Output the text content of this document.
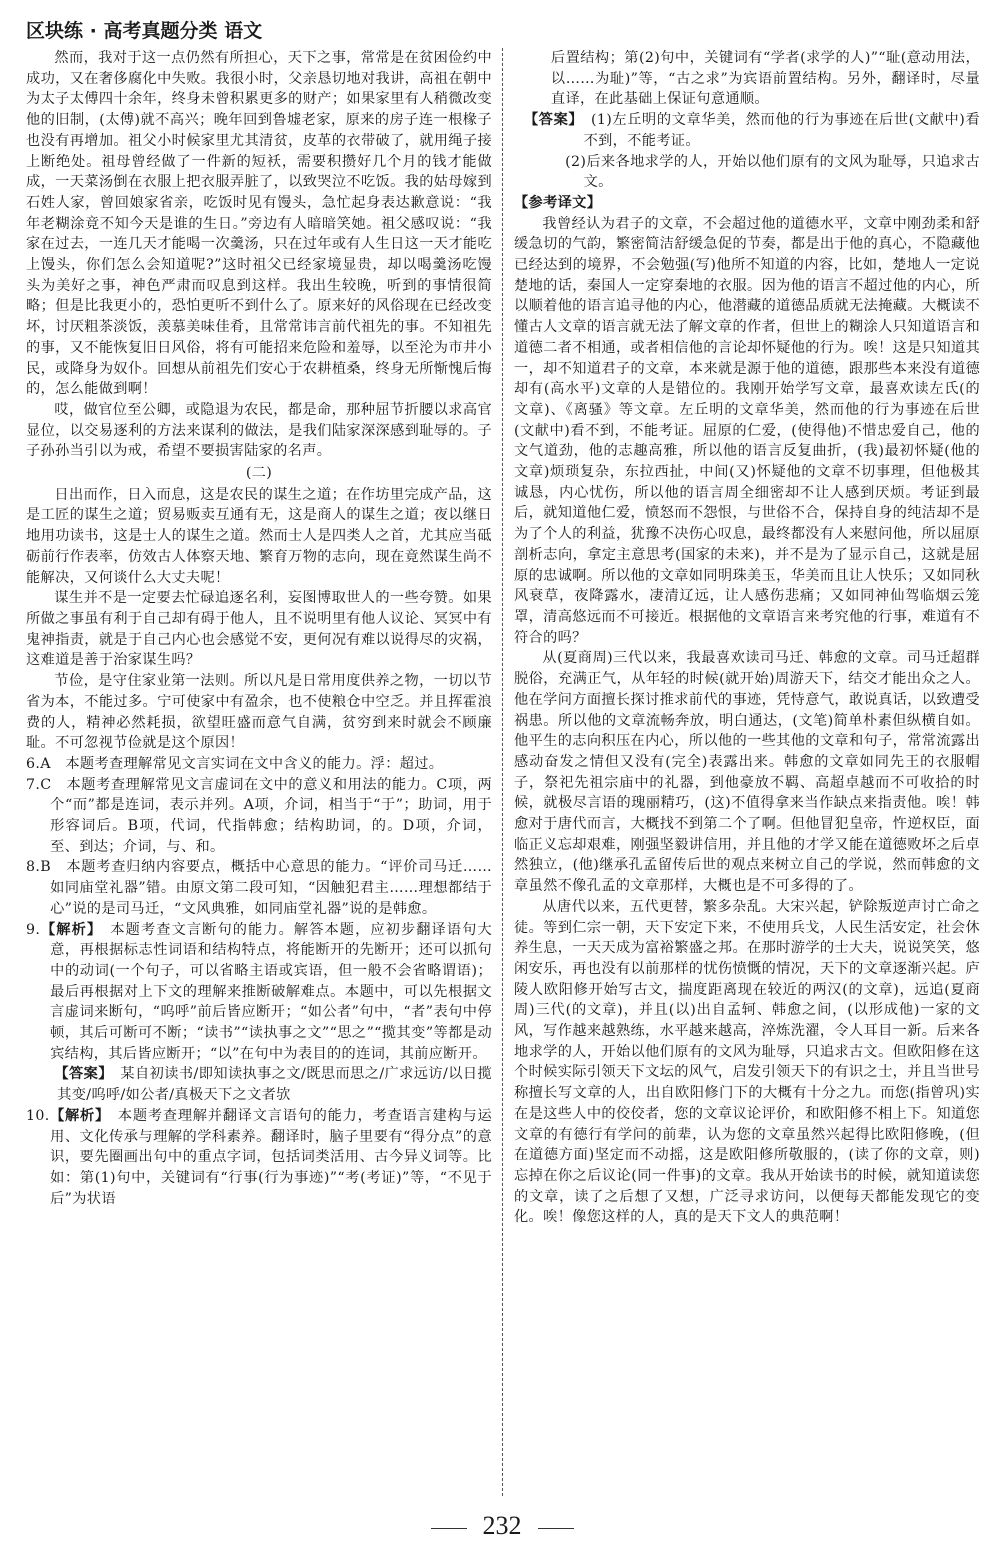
区块练 · 高考真题分类 语文

然而，我对于这一点仍然有所担心，天下之事，常常是在贫困俭约中成功，又在奢侈腐化中失败。我很小时，父亲恳切地对我讲，高祖在朝中为太子太傅四十余年，终身未曾积累更多的财产；如果家里有人稍微改变他的旧制，(太傅)就不高兴；晚年回到鲁墟老家，原来的房子连一根椽子也没有再增加。祖父小时候家里尤其清贫，皮革的衣带破了，就用绳子接上断绝处。祖母曾经做了一件新的短袄，需要积攒好几个月的钱才能做成，一天菜汤倒在衣服上把衣服弄脏了，以致哭泣不吃饭。我的姑母嫁到石姓人家，曾回娘家省亲，吃饭时见有馒头，急忙起身表达歉意说：“我年老糊涂竟不知今天是谁的生日。”旁边有人暗暗笑她。祖父感叹说：“我家在过去，一连几天才能喝一次羹汤，只在过年或有人生日这一天才能吃上馒头，你们怎么会知道呢?”这时祖父已经家境显贵，却以喝羹汤吃馒头为美好之事，神色严肃而叹息到这样。我出生较晚，听到的事情很简略；但是比我更小的，恐怕更听不到什么了。原来好的风俗现在已经改变坏，讨厌粗茶淡饭，羡慕美味佳肴，且常常讳言前代祖先的事。不知祖先的事，又不能恢复旧日风俗，将有可能招来危险和羞辱，以至沦为市井小民，或降身为奴仆。回想从前祖先们安心于农耕植桑，终身无所惭愧后悔的，怎么能做到啊！

哎，做官位至公卿，或隐退为农民，都是命，那种屈节折腰以求高官显位，以交易逐利的方法来谋利的做法，是我们陆家深深感到耻辱的。子子孙孙当引以为戒，希望不要损害陆家的名声。

(二)

日出而作，日入而息，这是农民的谋生之道；在作坊里完成产品，这是工匠的谋生之道；贸易贩卖互通有无，这是商人的谋生之道；夜以继日地用功读书，这是士人的谋生之道。然而士人是四类人之首，尤其应当砥砺前行作表率，仿效古人体察天地、繁育万物的志向，现在竟然谋生尚不能解决，又何谈什么大丈夫呢！

谋生并不是一定要去忙碌追逐名利，妄图博取世人的一些夸赞。如果所做之事虽有利于自己却有碍于他人，且不说明里有他人议论、冥冥中有鬼神指责，就是于自己内心也会感觉不安，更何况有难以说得尽的灾祸，这难道是善于治家谋生吗？

节俭，是守住家业第一法则。所以凡是日常用度供养之物，一切以节省为本，不能过多。宁可使家中有盈余，也不使粮仓中空乏。并且挥霍浪费的人，精神必然耗损，欲望旺盛而意气自满，贫穷到来时就会不顾廉耻。不可忽视节俭就是这个原因！

6.A　本题考查理解常见文言实词在文中含义的能力。浮：超过。

7.C　本题考查理解常见文言虚词在文中的意义和用法的能力。C项，两个“而”都是连词，表示并列。A项，介词，相当于“于”；助词，用于形容词后。B项，代词，代指韩愈；结构助词，的。D项，介词，至、到达；介词，与、和。

8.B　本题考查归纳内容要点，概括中心意思的能力。“评价司马迁……如同庙堂礼器”错。由原文第二段可知，“因触犯君主……理想都结于心”说的是司马迁，“文风典雅，如同庙堂礼器”说的是韩愈。

9.【解析】　 本题考查文言断句的能力。解答本题，应初步翻译语句大意，再根据标志性词语和结构特点，将能断开的先断开；还可以抓句中的动词(一个句子，可以省略主语或宾语，但一般不会省略谓语)；最后再根据对上下文的理解来推断破解难点。本题中，可以先根据文言虚词来断句，“呜呼”前后皆应断开；“如公者”句中，“者”表句中停顿，其后可断可不断；“读书”“读执事之文”“思之”“揽其变”等都是动宾结构，其后皆应断开；“以”在句中为表目的的连词，其前应断开。

【答案】　 某自初读书/即知读执事之文/既思而思之/广求远访/以日揽其变/呜呼/如公者/真极天下之文者欤

10.【解析】　 本题考查理解并翻译文言语句的能力，考查语言建构与运用、文化传承与理解的学科素养。翻译时，脑子里要有“得分点”的意识，要先圈画出句中的重点字词，包括词类活用、古今异义词等。比如：第(1)句中，关键词有“行事(行为事迹)”“考(考证)”等，“不见于后”为状语

后置结构；第(2)句中，关键词有“学者(求学的人)”“耻(意动用法，以……为耻)”等，“古之求”为宾语前置结构。另外，翻译时，尽量直译，在此基础上保证句意通顺。

【答案】　 (1)左丘明的文章华美，然而他的行为事迹在后世(文献中)看不到，不能考证。

(2)后来各地求学的人，开始以他们原有的文风为耻辱，只追求古文。

【参考译文】

我曾经认为君子的文章，不会超过他的道德水平，文章中刚劲柔和舒缓急切的气韵，繁密简洁舒缓急促的节奏，都是出于他的真心，不隐藏他已经达到的境界，不会勉强(写)他所不知道的内容，比如，楚地人一定说楚地的话，秦国人一定穿秦地的衣服。因为他的语言不超过他的内心，所以顺着他的语言追寻他的内心，他潜藏的道德品质就无法掩藏。大概读不懂古人文章的语言就无法了解文章的作者，但世上的糊涂人只知道语言和道德二者不相通，或者相信他的言论却怀疑他的行为。唉！这是只知道其一，却不知道君子的文章，本来就是源于他的道德，跟那些本来没有道德却有(高水平)文章的人是错位的。我刚开始学写文章，最喜欢读左氏(的文章)、《离骚》等文章。左丘明的文章华美，然而他的行为事迹在后世(文献中)看不到，不能考证。屈原的仁爱，(使得他)不惜忠爱自己，他的文气道劲，他的志趣高雅，所以他的语言反复曲折，(我)最初怀疑(他的文章)烦琐复杂，东拉西扯，中间(又)怀疑他的文章不切事理，但他极其诚恳，内心忧伤，所以他的语言周全细密却不让人感到厌烦。考证到最后，就知道他仁爱，愤怒而不怨恨，与世俗不合，保持自身的纯洁却不是为了个人的利益，犹豫不决伤心叹息，最终都没有人来慰问他，所以屈原剖析志向，拿定主意思考(国家的未来)，并不是为了显示自己，这就是屈原的忠诚啊。所以他的文章如同明珠美玉，华美而且让人快乐；又如同秋风衰草，夜降露水，凄清辽远，让人感伤悲痛；又如同神仙驾临烟云笼罩，清高悠远而不可接近。根据他的文章语言来考究他的行事，难道有不符合的吗？

从(夏商周)三代以来，我最喜欢读司马迁、韩愈的文章。司马迁超群脱俗，充满正气，从年轻的时候(就开始)周游天下，结交才能出众之人。他在学问方面擅长探讨推求前代的事迹，凭恃意气，敢说真话，以致遭受祸患。所以他的文章流畅奔放，明白通达，(文笔)简单朴素但纵横自如。他平生的志向积压在内心，所以他的一些其他的文章和句子，常常流露出感动奋发之情但又没有(完全)表露出来。韩愈的文章如同先王的衣服帽子，祭祀先祖宗庙中的礼器，到他豪放不羁、高超卓越而不可收拾的时候，就极尽言语的瑰丽精巧，(这)不值得拿来当作缺点来指责他。唉！韩愈对于唐代而言，大概找不到第二个了啊。但他冒犯皇帝，忤逆权臣，面临正义忘却艰难，刚强坚毅讲信用，并且他的才学又能在道德败坏之后卓然独立，(他)继承孔孟留传后世的观点来树立自己的学说，然而韩愈的文章虽然不像孔孟的文章那样，大概也是不可多得的了。

从唐代以来，五代更替，繁多杂乱。大宋兴起，铲除叛逆声讨亡命之徒。等到仁宗一朝，天下安定下来，不使用兵戈，人民生活安定，社会休养生息，一天天成为富裕繁盛之邦。在那时游学的士大夫，说说笑笑，悠闲安乐，再也没有以前那样的忧伤愤慨的情况，天下的文章逐渐兴起。庐陵人欧阳修开始写古文，揣度距离现在较近的两汉(的文章)，远追(夏商周)三代(的文章)，并且(以)出自孟轲、韩愈之间，(以形成他)一家的文风，写作越来越熟练，水平越来越高，淬炼洗濯，令人耳目一新。后来各地求学的人，开始以他们原有的文风为耻辱，只追求古文。但欧阳修在这个时候实际引领天下文坛的风气，启发引领天下的有识之士，并且当世号称擅长写文章的人，出自欧阳修门下的大概有十分之九。而您(指曾巩)实在是这些人中的佼佼者，您的文章议论评价，和欧阳修不相上下。知道您文章的有德行有学问的前辈，认为您的文章虽然兴起得比欧阳修晚，(但在道德方面)坚定而不动摇，这是欧阳修所敬服的，(读了你的文章，则)忘掉在你之后议论(同一件事)的文章。我从开始读书的时候，就知道读您的文章，读了之后想了又想，广泛寻求访问，以便每天都能发现它的变化。唉！像您这样的人，真的是天下文人的典范啊！

232
